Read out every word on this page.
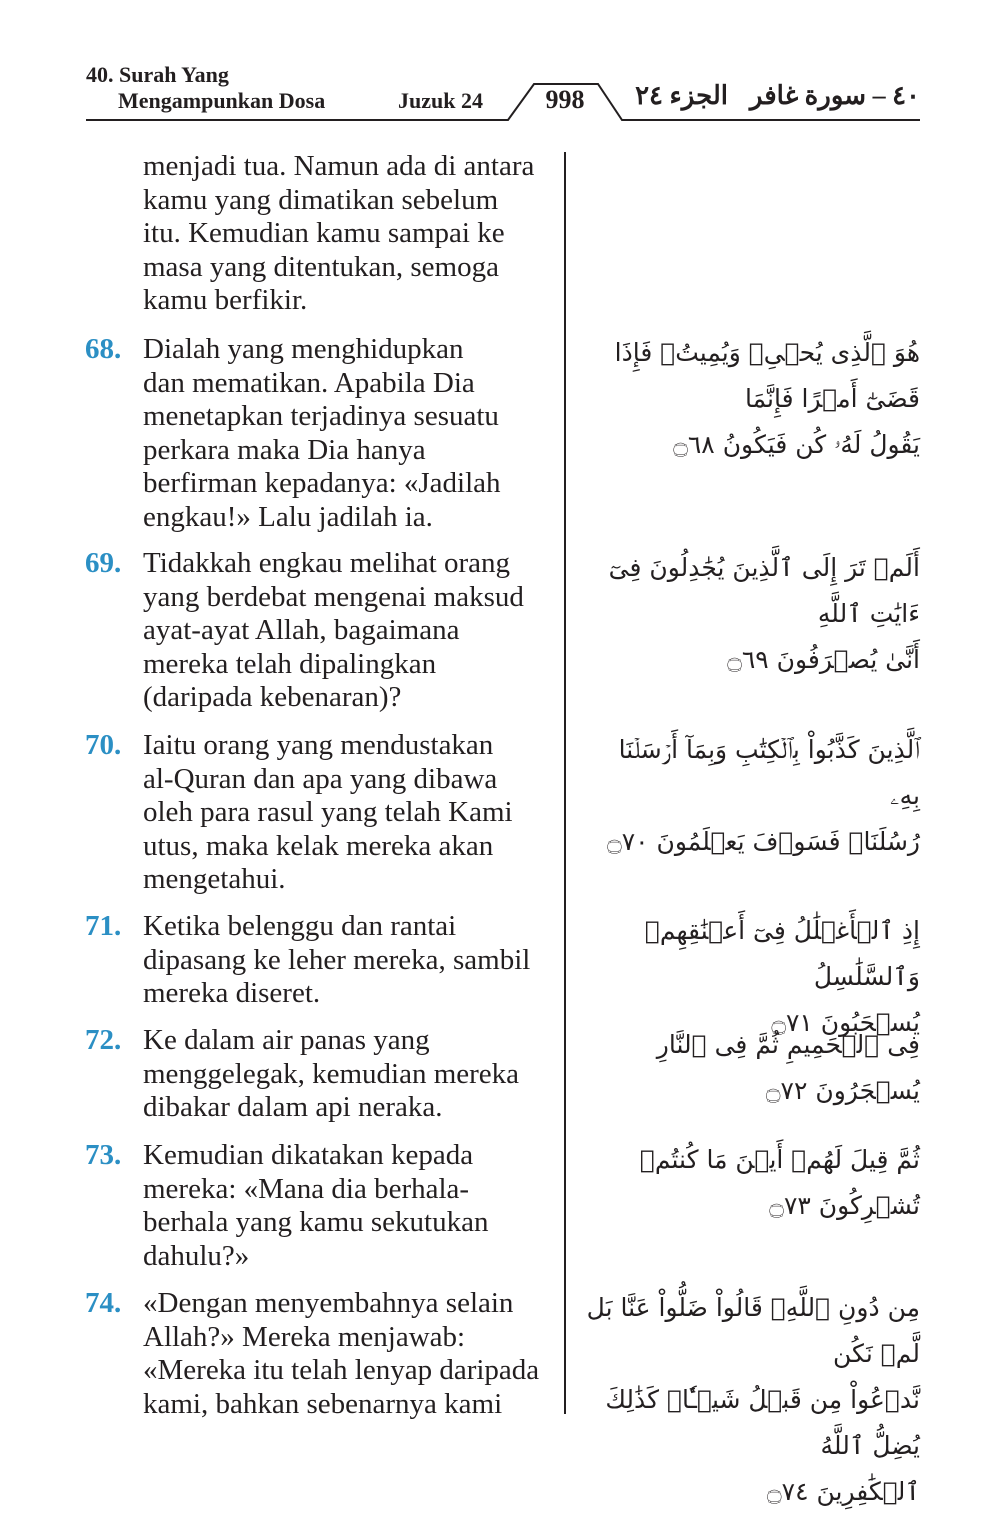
40. Surah Yang
Mengampunkan Dosa	Juzuk 24	998	الجزء ٢٤ ٤٠ – سورة غافر
menjadi tua. Namun ada di antara
kamu yang dimatikan sebelum
itu. Kemudian kamu sampai ke
masa yang ditentukan, semoga
kamu berfikir.
68. Dialah yang menghidupkan
dan mematikan. Apabila Dia
menetapkan terjadinya sesuatu
perkara maka Dia hanya
berfirman kepadanya: «Jadilah
engkau!» Lalu jadilah ia.
69. Tidakkah engkau melihat orang
yang berdebat mengenai maksud
ayat-ayat Allah, bagaimana
mereka telah dipalingkan
(daripada kebenaran)?
70. Iaitu orang yang mendustakan
al-Quran dan apa yang dibawa
oleh para rasul yang telah Kami
utus, maka kelak mereka akan
mengetahui.
71. Ketika belenggu dan rantai
dipasang ke leher mereka, sambil
mereka diseret.
72. Ke dalam air panas yang
menggelegak, kemudian mereka
dibakar dalam api neraka.
73. Kemudian dikatakan kepada
mereka: «Mana dia berhala-
berhala yang kamu sekutukan
dahulu?»
74. «Dengan menyembahnya selain
Allah?» Mereka menjawab:
«Mereka itu telah lenyap daripada
kami, bahkan sebenarnya kami
هُوَ ٱلَّذِى يُحۡىِۦ وَيُمِيتُۖ فَإِذَا قَضَىٰٓ أَمۡرًا فَإِنَّمَا
يَقُولُ لَهُۥ كُن فَيَكُونُ ۝٦٨
أَلَمۡ تَرَ إِلَى ٱلَّذِينَ يُجَٰدِلُونَ فِىٓ ءَايَٰتِ ٱللَّهِ
أَنَّىٰ يُصۡرَفُونَ ۝٦٩
ٱلَّذِينَ كَذَّبُواْ بِٱلۡكِتَٰبِ وَبِمَآ أَرۡسَلۡنَا بِهِۦ
رُسُلَنَاۖ فَسَوۡفَ يَعۡلَمُونَ ۝٧٠
إِذِ ٱلۡأَغۡلَٰلُ فِىٓ أَعۡنَٰقِهِمۡ وَٱلسَّلَٰسِلُ
يُسۡحَبُونَ ۝٧١
فِى ٱلۡحَمِيمِ ثُمَّ فِى ٱلنَّارِ يُسۡجَرُونَ ۝٧٢
ثُمَّ قِيلَ لَهُمۡ أَيۡنَ مَا كُنتُمۡ تُشۡرِكُونَ ۝٧٣
مِن دُونِ ٱللَّهِۖ قَالُواْ ضَلُّواْ عَنَّا بَل لَّمۡ نَكُن
نَّدۡعُواْ مِن قَبۡلُ شَيۡـٔٗاۚ كَذَٰلِكَ يُضِلُّ ٱللَّهُ
ٱلۡكَٰفِرِينَ ۝٧٤
